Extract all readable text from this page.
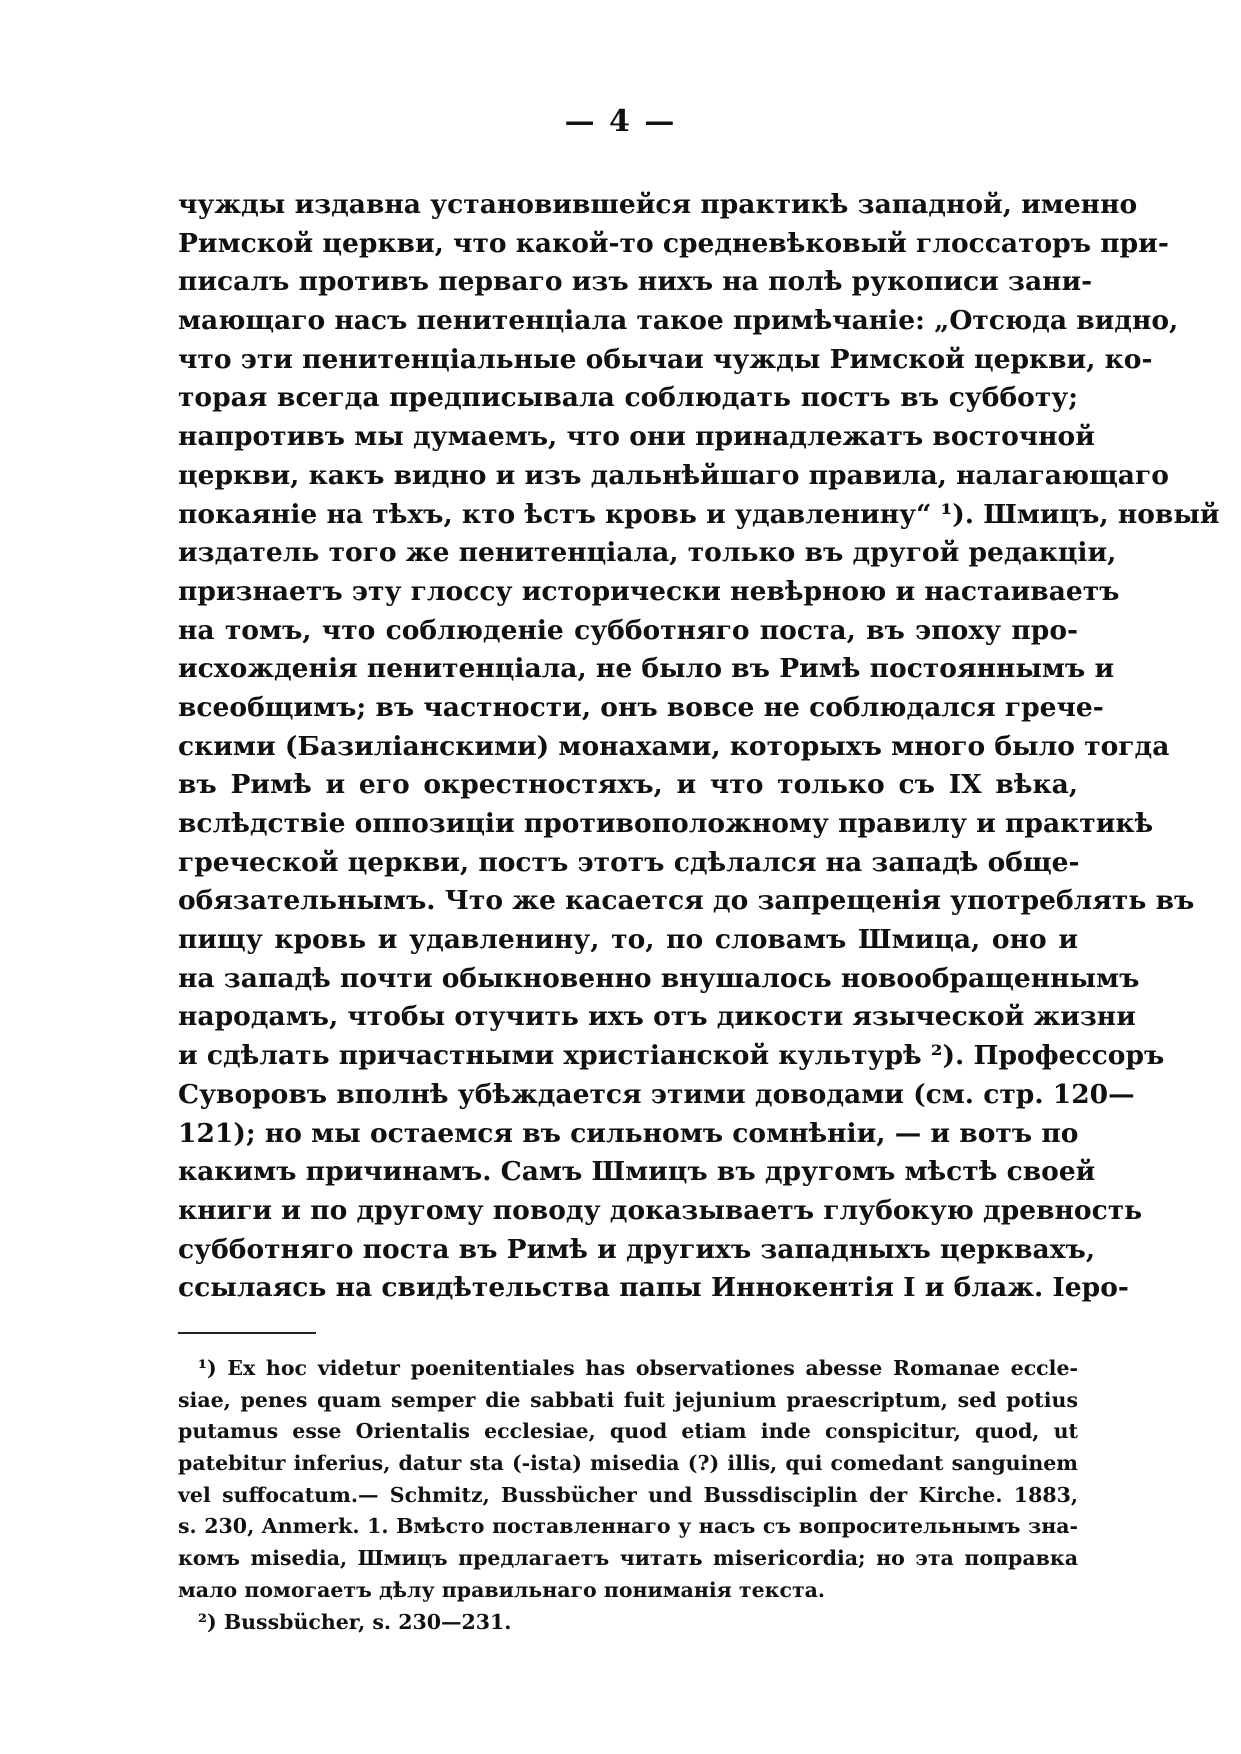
— 4 —
чужды издавна установившейся практикѣ западной, именно
Римской церкви, что какой-то средневѣковый глоссаторъ при-
писалъ противъ перваго изъ нихъ на полѣ рукописи зани-
мающаго насъ пенитенціала такое примѣчаніе: „Отсюда видно,
что эти пенитенціальные обычаи чужды Римской церкви, ко-
торая всегда предписывала соблюдать постъ въ субботу;
напротивъ мы думаемъ, что они принадлежатъ восточной
церкви, какъ видно и изъ дальнѣйшаго правила, налагающаго
покаяніе на тѣхъ, кто ѣстъ кровь и удавленину“ ¹). Шмицъ, новый
издатель того же пенитенціала, только въ другой редакціи,
признаетъ эту глоссу исторически невѣрною и настаиваетъ
на томъ, что соблюденіе субботняго поста, въ эпоху про-
исхожденія пенитенціала, не было въ Римѣ постояннымъ и
всеобщимъ; въ частности, онъ вовсе не соблюдался грече-
скими (Базиліанскими) монахами, которыхъ много было тогда
въ Римѣ и его окрестностяхъ, и что только съ IX вѣка,
вслѣдствіе оппозиціи противоположному правилу и практикѣ
греческой церкви, постъ этотъ сдѣлался на западѣ обще-
обязательнымъ. Что же касается до запрещенія употреблять въ
пищу кровь и удавленину, то, по словамъ Шмица, оно и
на западѣ почти обыкновенно внушалось новообращеннымъ
народамъ, чтобы отучить ихъ отъ дикости языческой жизни
и сдѣлать причастными христіанской культурѣ ²). Профессоръ
Суворовъ вполнѣ убѣждается этими доводами (см. стр. 120—
121); но мы остаемся въ сильномъ сомнѣніи, — и вотъ по
какимъ причинамъ. Самъ Шмицъ въ другомъ мѣстѣ своей
книги и по другому поводу доказываетъ глубокую древность
субботняго поста въ Римѣ и другихъ западныхъ церквахъ,
ссылаясь на свидѣтельства папы Иннокентія I и блаж. Іеро-
¹) Ex hoc videtur poenitentiales has observationes abesse Romanae eccle-
siae, penes quam semper die sabbati fuit jejunium praescriptum, sed potius
putamus esse Orientalis ecclesiae, quod etiam inde conspicitur, quod, ut
patebitur inferius, datur sta (-ista) misedia (?) illis, qui comedant sanguinem
vel suffocatum.— Schmitz, Bussbücher und Bussdisciplin der Kirche. 1883,
s. 230, Anmerk. 1. Вмѣсто поставленнаго у насъ съ вопросительнымъ зна-
комъ misedia, Шмицъ предлагаетъ читать misericordia; но эта поправка
мало помогаетъ дѣлу правильнаго пониманія текста.
²) Bussbücher, s. 230—231.
